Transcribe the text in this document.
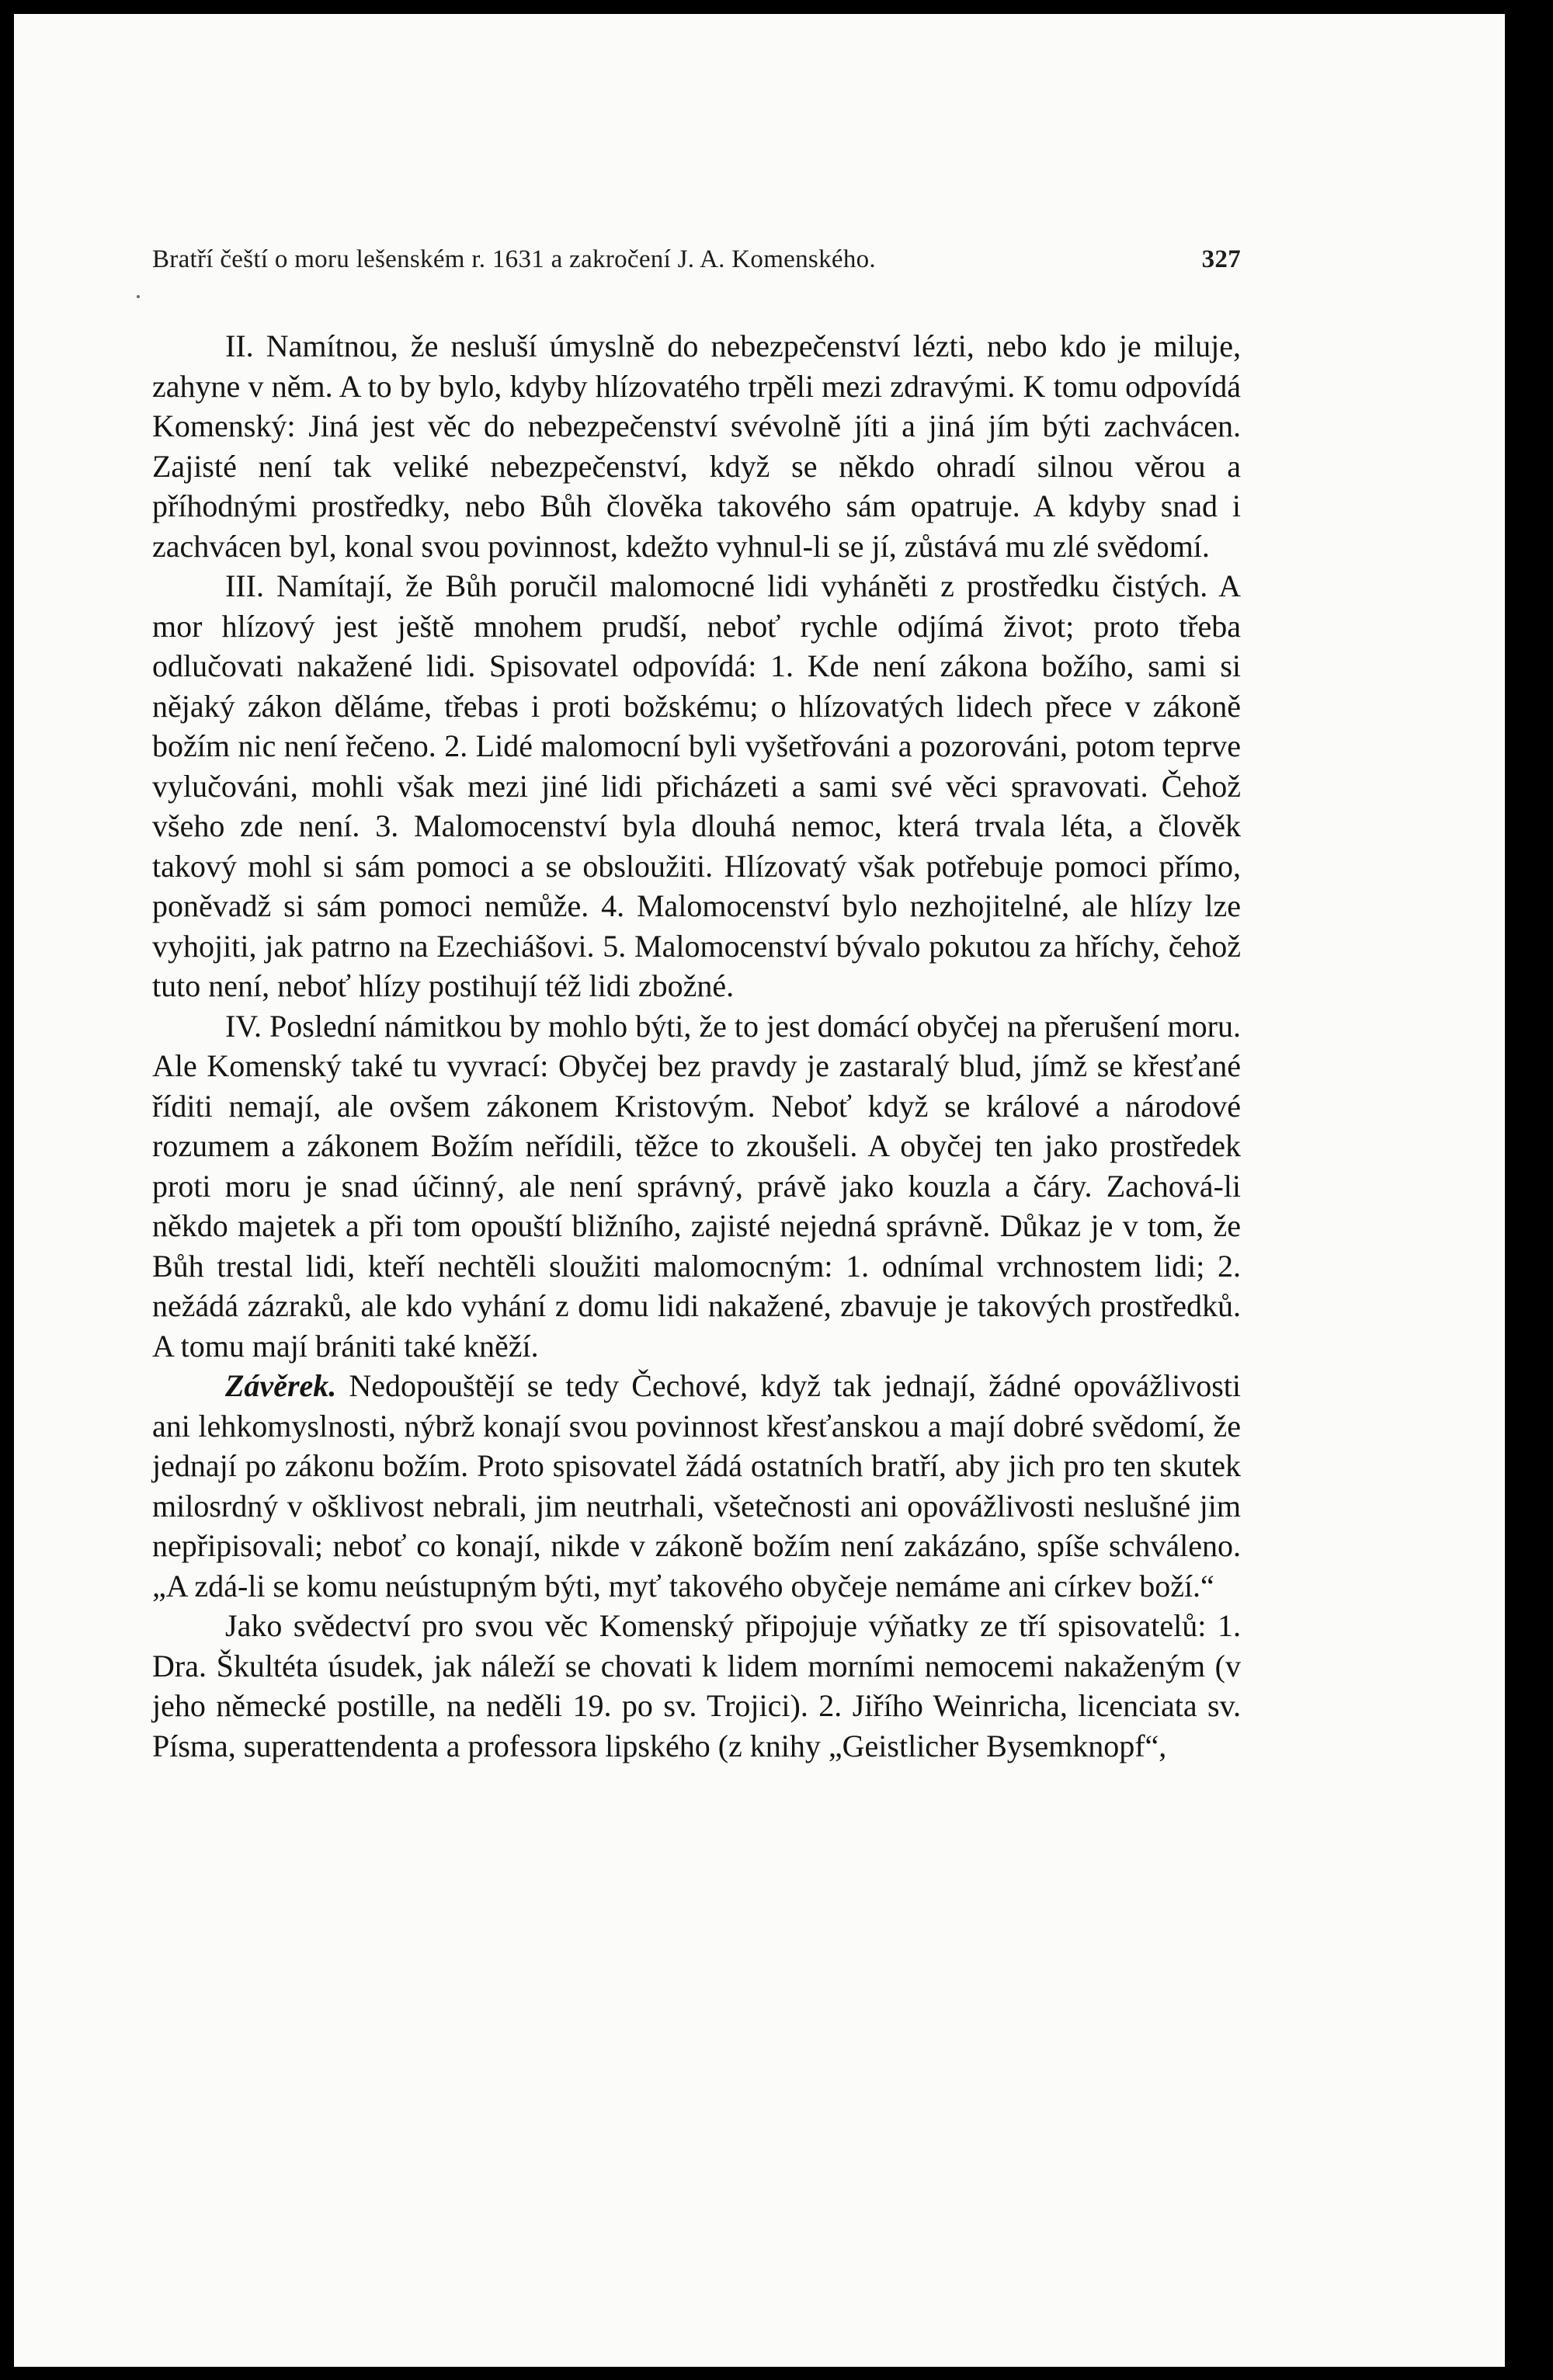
Bratří čeští o moru lešenském r. 1631 a zakročení J. A. Komenského.	327

II. Namítnou, že nesluší úmyslně do nebezpečenství lézti, nebo kdo je miluje, zahyne v něm. A to by bylo, kdyby hlízovatého trpěli mezi zdravými. K tomu odpovídá Komenský: Jiná jest věc do nebezpečenství svévolně jíti a jiná jím býti zachvácen. Zajisté není tak veliké nebezpečenství, když se někdo ohradí silnou věrou a příhodnými prostředky, nebo Bůh člověka takového sám opatruje. A kdyby snad i zachvácen byl, konal svou povinnost, kdežto vyhnul-li se jí, zůstává mu zlé svědomí.

III. Namítají, že Bůh poručil malomocné lidi vyháněti z prostředku čistých. A mor hlízový jest ještě mnohem prudší, neboť rychle odjímá život; proto třeba odlučovati nakažené lidi. Spisovatel odpovídá: 1. Kde není zákona božího, sami si nějaký zákon děláme, třebas i proti božskému; o hlízovatých lidech přece v zákoně božím nic není řečeno. 2. Lidé malomocní byli vyšetřováni a pozorováni, potom teprve vylučováni, mohli však mezi jiné lidi přicházeti a sami své věci spravovati. Čehož všeho zde není. 3. Malomocenství byla dlouhá nemoc, která trvala léta, a člověk takový mohl si sám pomoci a se obsloužiti. Hlízovatý však potřebuje pomoci přímo, poněvadž si sám pomoci nemůže. 4. Malomocenství bylo nezhojitelné, ale hlízy lze vyhojiti, jak patrno na Ezechiášovi. 5. Malomocenství bývalo pokutou za hříchy, čehož tuto není, neboť hlízy postihují též lidi zbožné.

IV. Poslední námitkou by mohlo býti, že to jest domácí obyčej na přerušení moru. Ale Komenský také tu vyvrací: Obyčej bez pravdy je zastaralý blud, jímž se křesťané říditi nemají, ale ovšem zákonem Kristovým. Neboť když se králové a národové rozumem a zákonem Božím neřídili, těžce to zkoušeli. A obyčej ten jako prostředek proti moru je snad účinný, ale není správný, právě jako kouzla a čáry. Zachová-li někdo majetek a při tom opouští bližního, zajisté nejedná správně. Důkaz je v tom, že Bůh trestal lidi, kteří nechtěli sloužiti malomocným: 1. odnímal vrchnostem lidi; 2. nežádá zázraků, ale kdo vyhání z domu lidi nakažené, zbavuje je takových prostředků. A tomu mají brániti také kněží.

Závěrek. Nedopouštějí se tedy Čechové, když tak jednají, žádné opovážlivosti ani lehkomyslnosti, nýbrž konají svou povinnost křesťanskou a mají dobré svědomí, že jednají po zákonu božím. Proto spisovatel žádá ostatních bratří, aby jich pro ten skutek milosrdný v ošklivost nebrali, jim neutrhali, všetečnosti ani opovážlivosti neslušné jim nepřipisovali; neboť co konají, nikde v zákoně božím není zakázáno, spíše schváleno. „A zdá-li se komu neústupným býti, myť takového obyčeje nemáme ani církev boží.“

Jako svědectví pro svou věc Komenský připojuje výňatky ze tří spisovatelů: 1. Dra. Škultéta úsudek, jak náleží se chovati k lidem morními nemocemi nakaženým (v jeho německé postille, na neděli 19. po sv. Trojici). 2. Jiřího Weinricha, licenciata sv. Písma, superattendenta a professora lipského (z knihy „Geistlicher Bysemknopf“,
